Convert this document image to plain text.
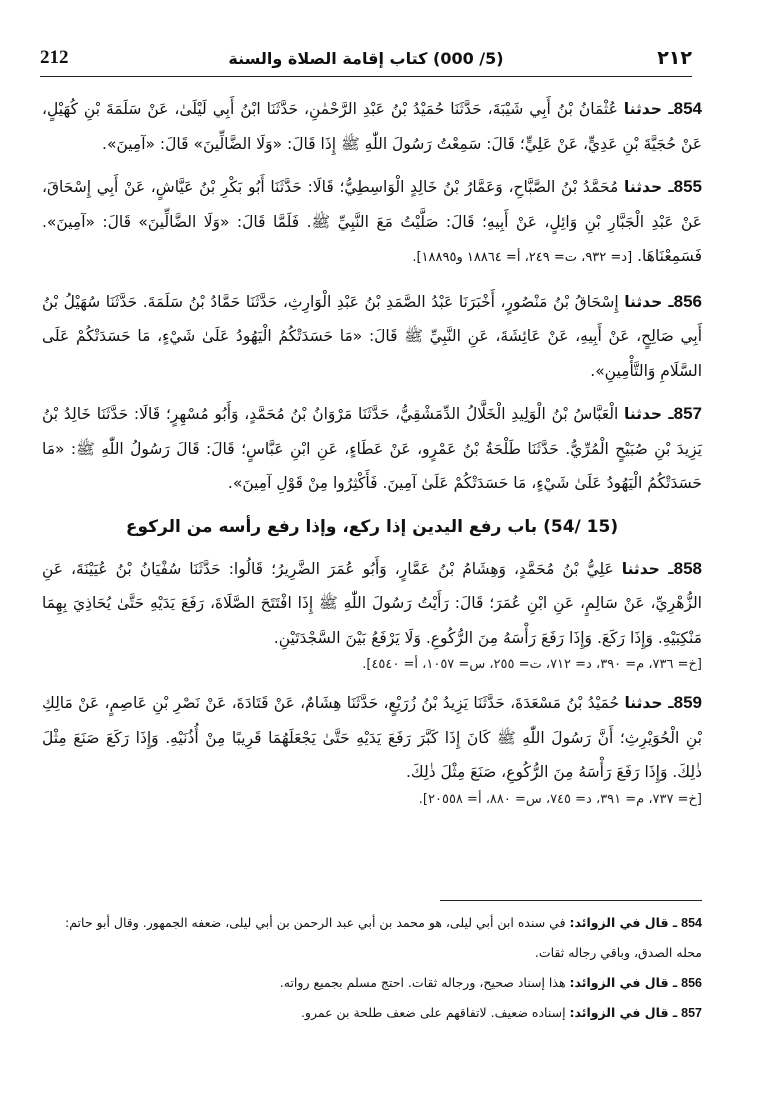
212	(5/ 000) كتاب إقامة الصلاة والسنة	٢١٢

854ـ حدثنا عُثْمَانُ بْنُ أَبِي شَيْبَةَ، حَدَّثَنَا حُمَيْدُ بْنُ عَبْدِ الرَّحْمٰنِ، حَدَّثَنَا ابْنُ أَبِي لَيْلَىٰ، عَنْ سَلَمَةَ بْنِ كُهَيْلٍ، عَنْ حُجَيَّةَ بْنِ عَدِيٍّ، عَنْ عَلِيٍّ؛ قَالَ: سَمِعْتُ رَسُولَ اللّٰهِ ﷺ إِذَا قَالَ: «وَلَا الضَّالِّينَ» قَالَ: «آمِينَ».

855ـ حدثنا مُحَمَّدُ بْنُ الصَّبَّاحِ، وَعَمَّارُ بْنُ خَالِدٍ الْوَاسِطِيُّ؛ قَالَا: حَدَّثَنَا أَبُو بَكْرِ بْنُ عَيَّاشٍ، عَنْ أَبِي إِسْحَاقَ، عَنْ عَبْدِ الْجَبَّارِ بْنِ وَائِلٍ، عَنْ أَبِيهِ؛ قَالَ: صَلَّيْتُ مَعَ النَّبِيِّ ﷺ. فَلَمَّا قَالَ: «وَلَا الضَّالِّينَ» قَالَ: «آمِينَ». فَسَمِعْنَاهَا. [د= ٩٣٢، ت= ٢٤٩، أ= ١٨٨٦٤ و١٨٨٩٥].

856ـ حدثنا إِسْحَاقُ بْنُ مَنْصُورٍ، أَخْبَرَنَا عَبْدُ الصَّمَدِ بْنُ عَبْدِ الْوَارِثِ، حَدَّثَنَا حَمَّادُ بْنُ سَلَمَةَ. حَدَّثَنَا سُهَيْلُ بْنُ أَبِي صَالِحٍ، عَنْ أَبِيهِ، عَنْ عَائِشَةَ، عَنِ النَّبِيِّ ﷺ قَالَ: «مَا حَسَدَتْكُمُ الْيَهُودُ عَلَىٰ شَيْءٍ، مَا حَسَدَتْكُمْ عَلَى السَّلَامِ وَالتَّأْمِينِ».

857ـ حدثنا الْعَبَّاسُ بْنُ الْوَلِيدِ الْخَلَّالُ الدِّمَشْقِيُّ، حَدَّثَنَا مَرْوَانُ بْنُ مُحَمَّدٍ، وَأَبُو مُسْهِرٍ؛ قَالَا: حَدَّثَنَا خَالِدُ بْنُ يَزِيدَ بْنِ صُبَيْحٍ الْمُرِّيُّ. حَدَّثَنَا طَلْحَةُ بْنُ عَمْرٍو، عَنْ عَطَاءٍ، عَنِ ابْنِ عَبَّاسٍ؛ قَالَ: قَالَ رَسُولُ اللّٰهِ ﷺ: «مَا حَسَدَتْكُمُ الْيَهُودُ عَلَىٰ شَيْءٍ، مَا حَسَدَتْكُمْ عَلَىٰ آمِينَ. فَأَكْثِرُوا مِنْ قَوْلِ آمِينَ».

(15 /54) باب رفع اليدين إذا ركع، وإذا رفع رأسه من الركوع

858ـ حدثنا عَلِيُّ بْنُ مُحَمَّدٍ، وَهِشَامُ بْنُ عَمَّارٍ، وَأَبُو عُمَرَ الضَّرِيرُ؛ قَالُوا: حَدَّثَنَا سُفْيَانُ بْنُ عُيَيْنَةَ، عَنِ الزُّهْرِيِّ، عَنْ سَالِمٍ، عَنِ ابْنِ عُمَرَ؛ قَالَ: رَأَيْتُ رَسُولَ اللّٰهِ ﷺ إِذَا افْتَتَحَ الصَّلَاةَ، رَفَعَ يَدَيْهِ حَتَّىٰ يُحَاذِيَ بِهِمَا مَنْكِبَيْهِ. وَإِذَا رَكَعَ. وَإِذَا رَفَعَ رَأْسَهُ مِنَ الرُّكُوعِ. وَلَا يَرْفَعُ بَيْنَ السَّجْدَتَيْنِ.
[خ= ٧٣٦، م= ٣٩٠، د= ٧١٢، ت= ٢٥٥، س= ١٠٥٧، أ= ٤٥٤٠].

859ـ حدثنا حُمَيْدُ بْنُ مَسْعَدَةَ، حَدَّثَنَا يَزِيدُ بْنُ زُرَيْعٍ، حَدَّثَنَا هِشَامٌ، عَنْ قَتَادَةَ، عَنْ نَصْرِ بْنِ عَاصِمٍ، عَنْ مَالِكِ بْنِ الْحُوَيْرِثِ؛ أَنَّ رَسُولَ اللّٰهِ ﷺ كَانَ إِذَا كَبَّرَ رَفَعَ يَدَيْهِ حَتَّىٰ يَجْعَلَهُمَا قَرِيبًا مِنْ أُذُنَيْهِ. وَإِذَا رَكَعَ صَنَعَ مِثْلَ ذٰلِكَ. وَإِذَا رَفَعَ رَأْسَهُ مِنَ الرُّكُوعِ، صَنَعَ مِثْلَ ذٰلِكَ.
[خ= ٧٣٧، م= ٣٩١، د= ٧٤٥، س= ٨٨٠، أ= ٢٠٥٥٨].

854 ـ قال في الزوائد: في سنده ابن أبي ليلى، هو محمد بن أبي عبد الرحمن بن أبي ليلى، ضعفه الجمهور. وقال أبو حاتم: محله الصدق، وباقي رجاله ثقات.
856 ـ قال في الزوائد: هذا إسناد صحيح، ورجاله ثقات. احتج مسلم بجميع رواته.
857 ـ قال في الزوائد: إسناده ضعيف. لاتفاقهم على ضعف طلحة بن عمرو.
